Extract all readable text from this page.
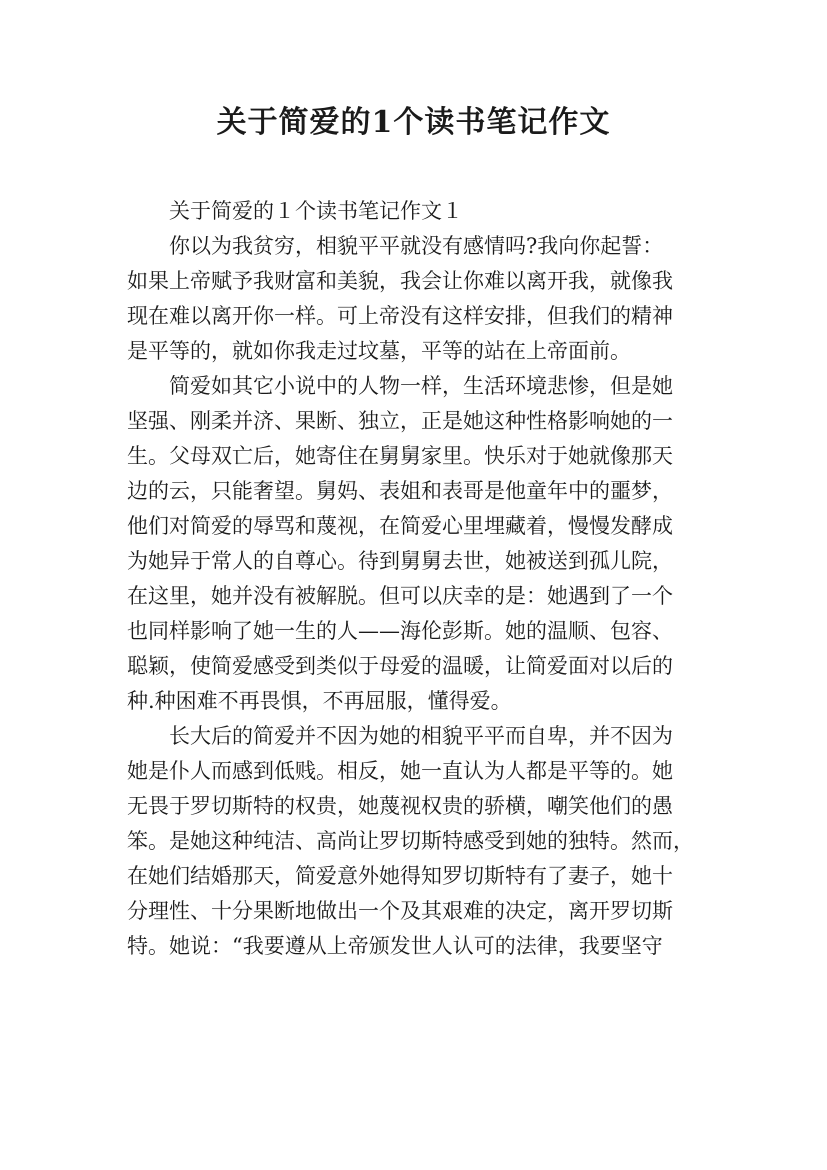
关于简爱的1个读书笔记作文

关于简爱的１个读书笔记作文１

你以为我贫穷，相貌平平就没有感情吗?我向你起誓：
如果上帝赋予我财富和美貌，我会让你难以离开我，就像我
现在难以离开你一样。可上帝没有这样安排，但我们的精神
是平等的，就如你我走过坟墓，平等的站在上帝面前。

简爱如其它小说中的人物一样，生活环境悲惨，但是她
坚强、刚柔并济、果断、独立，正是她这种性格影响她的一
生。父母双亡后，她寄住在舅舅家里。快乐对于她就像那天
边的云，只能奢望。舅妈、表姐和表哥是他童年中的噩梦，
他们对简爱的辱骂和蔑视，在简爱心里埋藏着，慢慢发酵成
为她异于常人的自尊心。待到舅舅去世，她被送到孤儿院，
在这里，她并没有被解脱。但可以庆幸的是：她遇到了一个
也同样影响了她一生的人——海伦彭斯。她的温顺、包容、
聪颖，使简爱感受到类似于母爱的温暖，让简爱面对以后的
种.种困难不再畏惧，不再屈服，懂得爱。

长大后的简爱并不因为她的相貌平平而自卑，并不因为
她是仆人而感到低贱。相反，她一直认为人都是平等的。她
无畏于罗切斯特的权贵，她蔑视权贵的骄横，嘲笑他们的愚
笨。是她这种纯洁、高尚让罗切斯特感受到她的独特。然而，
在她们结婚那天，简爱意外她得知罗切斯特有了妻子，她十
分理性、十分果断地做出一个及其艰难的决定，离开罗切斯
特。她说：“我要遵从上帝颁发世人认可的法律，我要坚守
